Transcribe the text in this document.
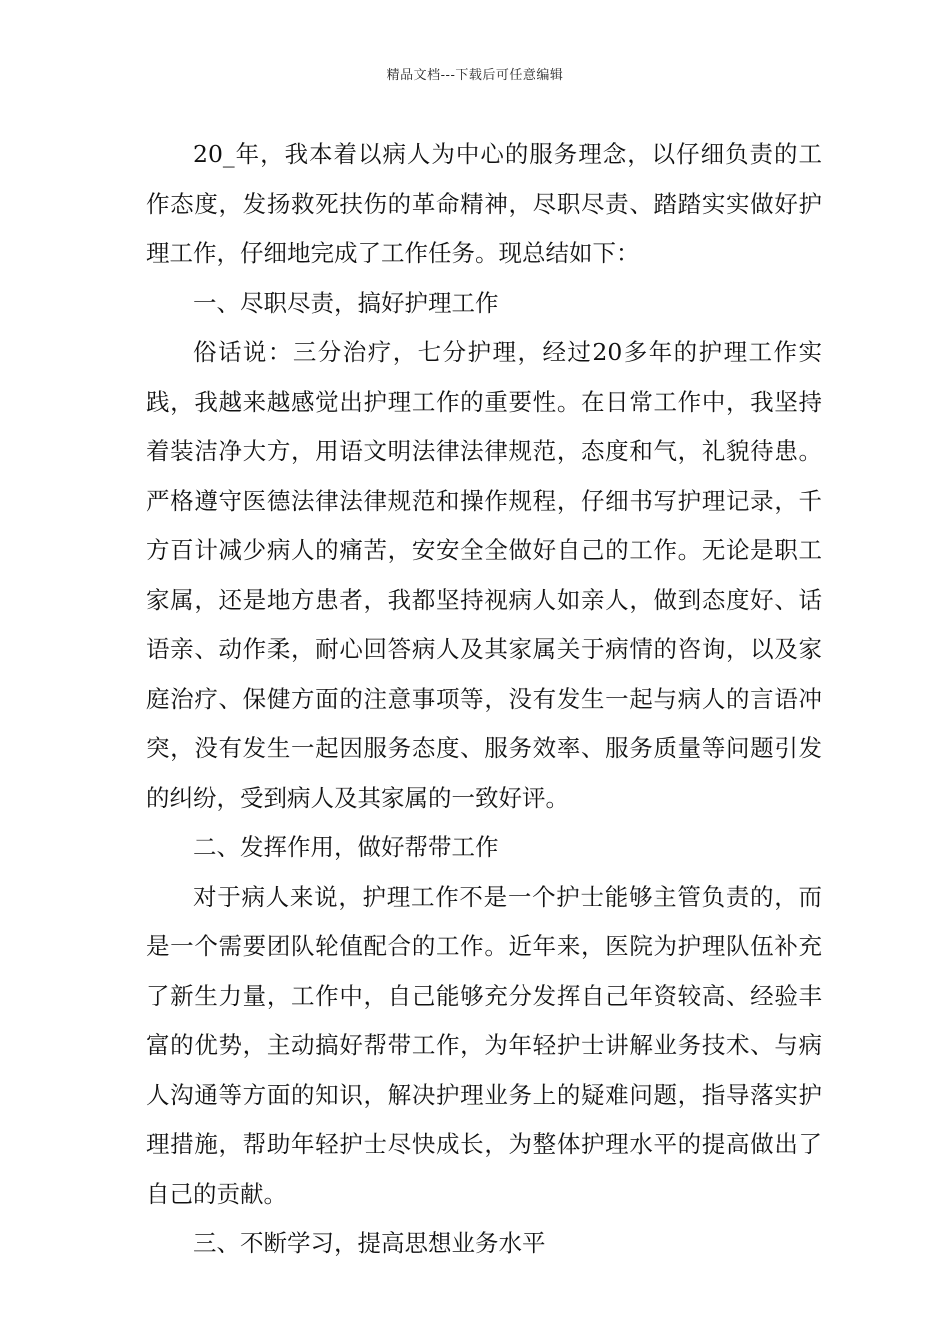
精品文档---下载后可任意编辑

20_年，我本着以病人为中心的服务理念，以仔细负责的工作态度，发扬救死扶伤的革命精神，尽职尽责、踏踏实实做好护理工作，仔细地完成了工作任务。现总结如下：

一、尽职尽责，搞好护理工作

俗话说：三分治疗，七分护理，经过20多年的护理工作实践，我越来越感觉出护理工作的重要性。在日常工作中，我坚持着装洁净大方，用语文明法律法律规范，态度和气，礼貌待患。严格遵守医德法律法律规范和操作规程，仔细书写护理记录，千方百计减少病人的痛苦，安安全全做好自己的工作。无论是职工家属，还是地方患者，我都坚持视病人如亲人，做到态度好、话语亲、动作柔，耐心回答病人及其家属关于病情的咨询，以及家庭治疗、保健方面的注意事项等，没有发生一起与病人的言语冲突，没有发生一起因服务态度、服务效率、服务质量等问题引发的纠纷，受到病人及其家属的一致好评。

二、发挥作用，做好帮带工作

对于病人来说，护理工作不是一个护士能够主管负责的，而是一个需要团队轮值配合的工作。近年来，医院为护理队伍补充了新生力量，工作中，自己能够充分发挥自己年资较高、经验丰富的优势，主动搞好帮带工作，为年轻护士讲解业务技术、与病人沟通等方面的知识，解决护理业务上的疑难问题，指导落实护理措施，帮助年轻护士尽快成长，为整体护理水平的提高做出了自己的贡献。

三、不断学习，提高思想业务水平
